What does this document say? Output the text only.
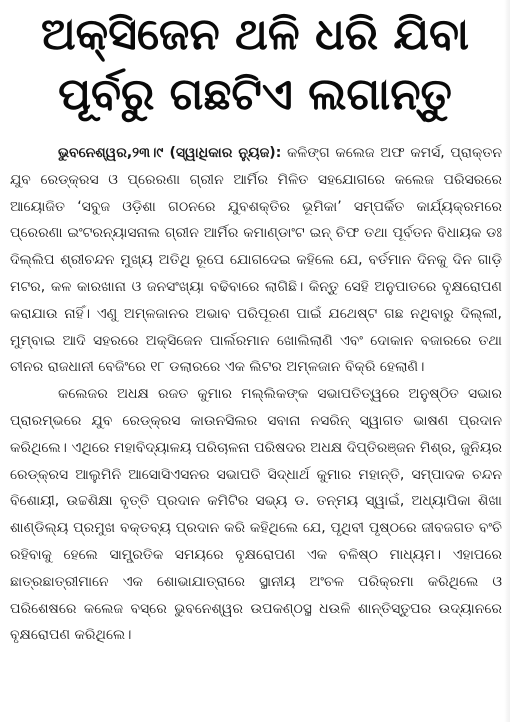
ଅକ୍ସିଜେନ ଥଳି ଧରି ଯିବା
ପୂର୍ବରୁ ଗଛଟିଏ ଲଗାନ୍ତୁ

ଭୁବନେଶ୍ୱର,୨୩।୯ (ସ୍ୱାଧିକାର ନ୍ୟୁଜ): କଳିଙ୍ଗ କଲେଜ ଅଫ କମର୍ସ, ପ୍ରାକ୍ତନ ଯୁବ ରେଡ୍‌କ୍ରସ ଓ ପ୍ରେରଣା ଗ୍ରୀନ ଆର୍ମିର ମିଳିତ ସହଯୋଗରେ କଲେଜ ପରିସରରେ ଆୟୋଜିତ ‘ସବୁଜ ଓଡ଼ିଶା ଗଠନରେ ଯୁବଶକ୍ତିର ଭୂମିକା’ ସମ୍ପର୍କିତ କାର୍ଯ୍ୟକ୍ରମରେ ପ୍ରେରଣା ଇଂଟରନ୍ୟାସନାଲ ଗ୍ରୀନ ଆର୍ମିର କମାଣ୍ଡାଂଟ ଇନ୍ ଚିଫ ତଥା ପୂର୍ବତନ ବିଧାୟକ ଡଃ ଦିଲ୍ଲିପ ଶ୍ରୀଚନ୍ଦନ ମୁଖ୍ୟ ଅତିଥି ରୂପେ ଯୋଗଦେଇ କହିଲେ ଯେ, ବର୍ତମାନ ଦିନକୁ ଦିନ ଗାଡ଼ି ମଟର, କଳ କାରଖାନା ଓ ଜନସଂଖ୍ୟା ବଢିବାରେ ଲାଗିଛି। କିନ୍ତୁ ସେହି ଅନୁପାତରେ ବୃକ୍ଷରୋପଣ କରାଯାଉ ନାହିଁ। ଏଣୁ ଅମ୍ଳଜାନର ଅଭାବ ପରିପୂରଣ ପାଇଁ ଯଥେଷ୍ଟ ଗଛ ନଥିବାରୁ ଦିଲ୍ଲୀ, ମୁମ୍ବାଇ ଆଦି ସହରରେ ଅକ୍ସିଜେନ ପାର୍ଲରମାନ ଖୋଲିଲାଣି ଏବଂ ଦୋକାନ ବଜାରରେ ତଥା ଚୀନର ରାଜଧାନୀ ବେଜିଂରେ ୧୮ ଡଲାରରେ ଏକ ଲିଟର ଅମ୍ଳଜାନ ବିକ୍ରି ହେଲାଣି।

କଲେଜର ଅଧକ୍ଷ ରଜତ କୁମାର ମଲ୍ଲିକଙ୍କ ସଭାପତିତ୍ୱରେ ଅନୁଷ୍ଠିତ ସଭାର ପ୍ରାରମ୍ଭରେ ଯୁବ ରେଡ୍‌କ୍ରସ କାଉନସିଲର ସବାନା ନସରିନ୍ ସ୍ୱାଗତ ଭାଷଣ ପ୍ରଦାନ କରିଥିଲେ। ଏଥିରେ ମହାବିଦ୍ୟାଳୟ ପରିଚାଳନା ପରିଷଦର ଅଧକ୍ଷ ଦିପ୍ତିରଞ୍ଜନ ମିଶ୍ର, ଜୁନିୟର ରେଡ୍‌କ୍ରସ ଆଲୁମିନି ଆସୋସିଏସନର ସଭାପତି ସିଦ୍ଧାର୍ଥ କୁମାର ମହାନ୍ତି, ସମ୍ପାଦକ ଚନ୍ଦନ ବିଶୋୟୀ, ଉଚ୍ଚଶିକ୍ଷା ବୃତ୍ତି ପ୍ରଦାନ କମିଟିର ସଭ୍ୟ ଡ. ତନ୍ମୟ ସ୍ୱାଇଁ, ଅଧ୍ୟାପିକା ଶିଖା ଶାଣ୍ଡିଲ୍ୟ ପ୍ରମୁଖ ବକ୍ତବ୍ୟ ପ୍ରଦାନ କରି କହିଥିଲେ ଯେ, ପୃଥିବୀ ପୃଷ୍ଠରେ ଜୀବଜଗତ ବଂଚି ରହିବାକୁ ହେଲେ ସାମ୍ପ୍ରତିକ ସମୟରେ ବୃକ୍ଷରୋପଣ ଏକ ବଳିଷ୍ଠ ମାଧ୍ୟମ। ଏହାପରେ ଛାତ୍ରଛାତ୍ରୀମାନେ ଏକ ଶୋଭାଯାତ୍ରାରେ ସ୍ଥାନୀୟ ଅଂଚଳ ପରିକ୍ରମା କରିଥିଲେ ଓ ପରିଶେଷରେ କଲେଜ ବସ୍‌ରେ ଭୁବନେଶ୍ୱର ଉପକଣ୍ଠସ୍ଥ ଧଉଳି ଶାନ୍ତିସ୍ତୁପର ଉଦ୍ୟାନରେ ବୃକ୍ଷରୋପଣ କରିଥିଲେ।
